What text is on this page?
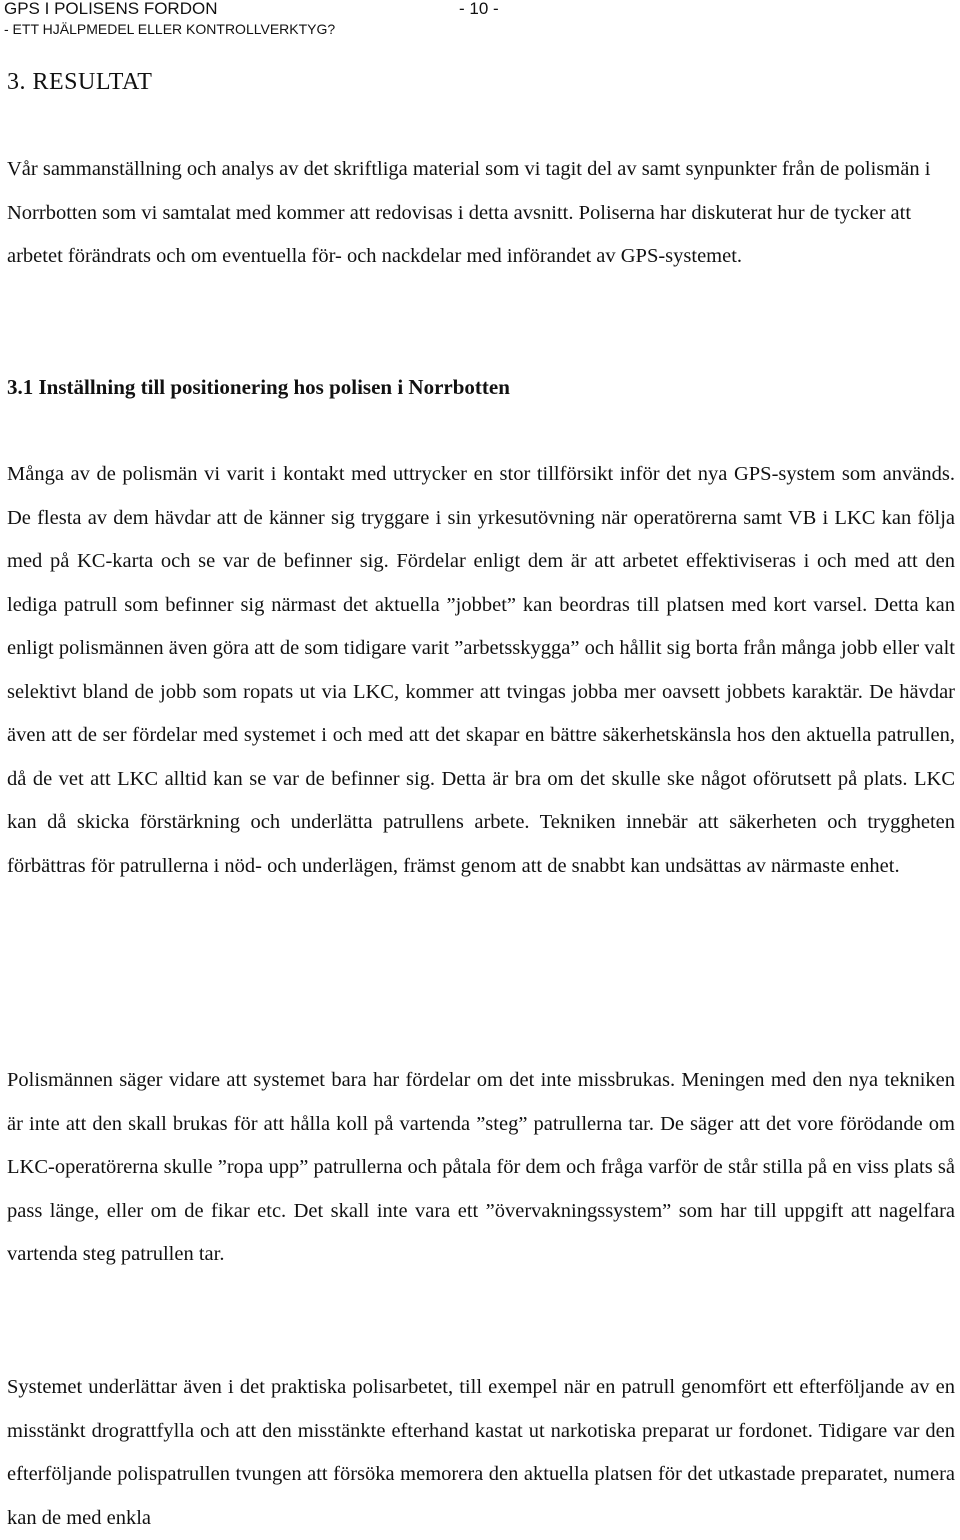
GPS I POLISENS FORDON	- 10 -
- ETT HJÄLPMEDEL ELLER KONTROLLVERKTYG?
3. RESULTAT

Vår sammanställning och analys av det skriftliga material som vi tagit del av samt synpunkter från de polismän i Norrbotten som vi samtalat med kommer att redovisas i detta avsnitt. Poliserna har diskuterat hur de tycker att arbetet förändrats och om eventuella för- och nackdelar med införandet av GPS-systemet.

3.1 Inställning till positionering hos polisen i Norrbotten

Många av de polismän vi varit i kontakt med uttrycker en stor tillförsikt inför det nya GPS-system som används. De flesta av dem hävdar att de känner sig tryggare i sin yrkesutövning när operatörerna samt VB i LKC kan följa med på KC-karta och se var de befinner sig. Fördelar enligt dem är att arbetet effektiviseras i och med att den lediga patrull som befinner sig närmast det aktuella ”jobbet” kan beordras till platsen med kort varsel. Detta kan enligt polismännen även göra att de som tidigare varit ”arbetsskygga” och hållit sig borta från många jobb eller valt selektivt bland de jobb som ropats ut via LKC, kommer att tvingas jobba mer oavsett jobbets karaktär. De hävdar även att de ser fördelar med systemet i och med att det skapar en bättre säkerhetskänsla hos den aktuella patrullen, då de vet att LKC alltid kan se var de befinner sig. Detta är bra om det skulle ske något oförutsett på plats. LKC kan då skicka förstärkning och underlätta patrullens arbete. Tekniken innebär att säkerheten och tryggheten förbättras för patrullerna i nöd- och underlägen, främst genom att de snabbt kan undsättas av närmaste enhet.

Polismännen säger vidare att systemet bara har fördelar om det inte missbrukas. Meningen med den nya tekniken är inte att den skall brukas för att hålla koll på vartenda ”steg” patrullerna tar. De säger att det vore förödande om LKC-operatörerna skulle ”ropa upp” patrullerna och påtala för dem och fråga varför de står stilla på en viss plats så pass länge, eller om de fikar etc. Det skall inte vara ett ”övervakningssystem” som har till uppgift att nagelfara vartenda steg patrullen tar.

Systemet underlättar även i det praktiska polisarbetet, till exempel när en patrull genomfört ett efterföljande av en misstänkt drograttfylla och att den misstänkte efterhand kastat ut narkotiska preparat ur fordonet. Tidigare var den efterföljande polispatrullen tvungen att försöka memorera den aktuella platsen för det utkastade preparatet, numera kan de med enkla
